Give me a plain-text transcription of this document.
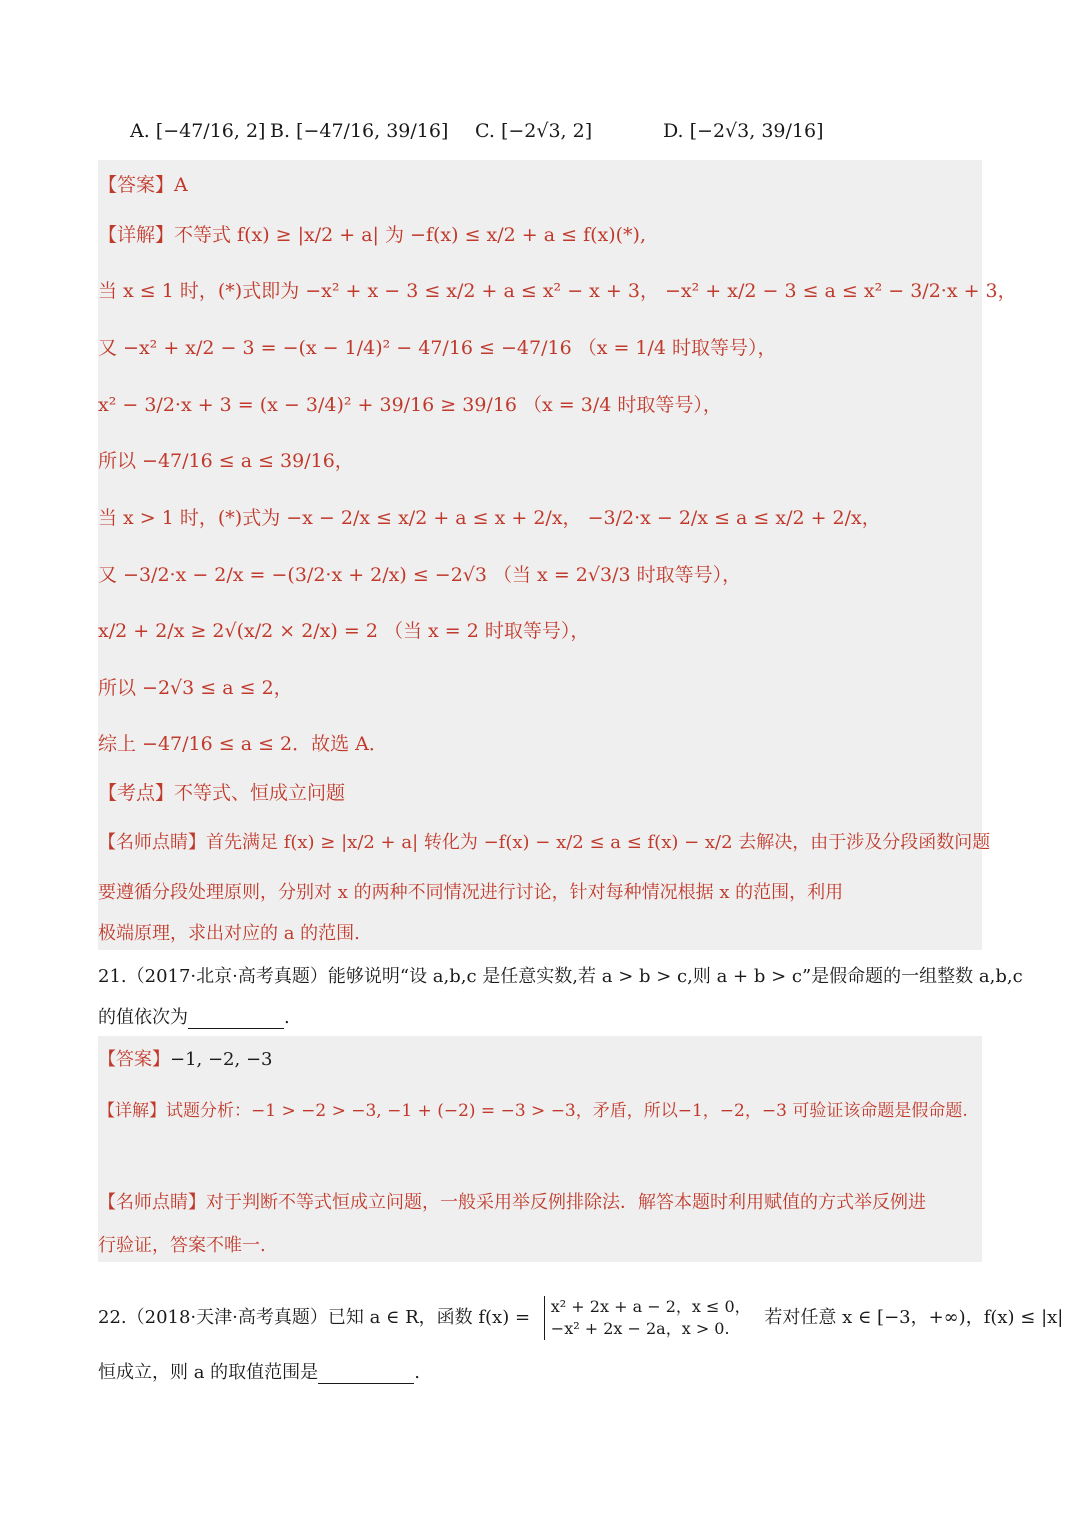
A. [−47/16, 2] B. [−47/16, 39/16] C. [−2√3, 2]	D. [−2√3, 39/16]
【答案】A
【详解】不等式 f(x) ≥ |x/2 + a| 为 −f(x) ≤ x/2 + a ≤ f(x)(*),
当 x ≤ 1 时，(*)式即为 −x² + x − 3 ≤ x/2 + a ≤ x² − x + 3， −x² + x/2 − 3 ≤ a ≤ x² − 3/2·x + 3，
又 −x² + x/2 − 3 = −(x − 1/4)² − 47/16 ≤ −47/16 （x = 1/4 时取等号），
x² − 3/2·x + 3 = (x − 3/4)² + 39/16 ≥ 39/16 （x = 3/4 时取等号），
所以 −47/16 ≤ a ≤ 39/16，
当 x > 1 时，(*)式为 −x − 2/x ≤ x/2 + a ≤ x + 2/x， −3/2·x − 2/x ≤ a ≤ x/2 + 2/x，
又 −3/2·x − 2/x = −(3/2·x + 2/x) ≤ −2√3 （当 x = 2√3/3 时取等号），
x/2 + 2/x ≥ 2√(x/2 × 2/x) = 2 （当 x = 2 时取等号），
所以 −2√3 ≤ a ≤ 2，
综上 −47/16 ≤ a ≤ 2．故选 A．
【考点】不等式、恒成立问题
【名师点睛】首先满足 f(x) ≥ |x/2 + a| 转化为 −f(x) − x/2 ≤ a ≤ f(x) − x/2 去解决，由于涉及分段函数问题
要遵循分段处理原则，分别对 x 的两种不同情况进行讨论，针对每种情况根据 x 的范围，利用
极端原理，求出对应的 a 的范围.
21.（2017·北京·高考真题）能够说明“设 a,b,c 是任意实数,若 a > b > c,则 a + b > c”是假命题的一组整数 a,b,c
的值依次为	.
【答案】−1, −2, −3
【详解】试题分析：−1 > −2 > −3, −1 + (−2) = −3 > −3，矛盾，所以−1，−2，−3 可验证该命题是假命题.
【名师点睛】对于判断不等式恒成立问题，一般采用举反例排除法．解答本题时利用赋值的方式举反例进
行验证，答案不唯一.
22.（2018·天津·高考真题）已知 a ∈ R，函数 f(x) =
x² + 2x + a − 2，x ≤ 0，
−x² + 2x − 2a，x > 0.
若对任意 x ∈ [−3，+∞)，f(x) ≤ |x|
恒成立，则 a 的取值范围是	.
